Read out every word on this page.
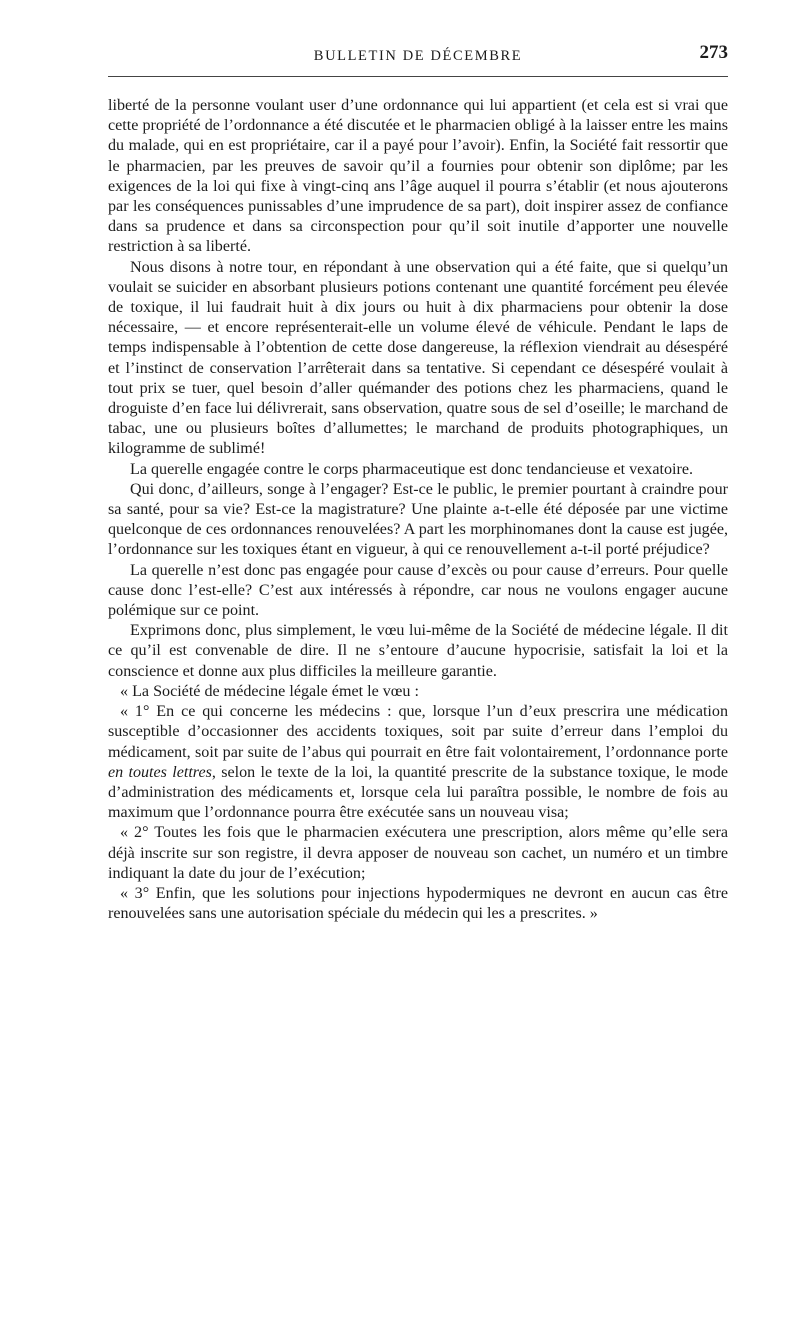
BULLETIN DE DÉCEMBRE	273

liberté de la personne voulant user d’une ordonnance qui lui appartient (et cela est si vrai que cette propriété de l’ordonnance a été discutée et le pharmacien obligé à la laisser entre les mains du malade, qui en est propriétaire, car il a payé pour l’avoir). Enfin, la Société fait ressortir que le pharmacien, par les preuves de savoir qu’il a fournies pour obtenir son diplôme; par les exigences de la loi qui fixe à vingt-cinq ans l’âge auquel il pourra s’établir (et nous ajouterons par les conséquences punissables d’une imprudence de sa part), doit inspirer assez de confiance dans sa prudence et dans sa circonspection pour qu’il soit inutile d’apporter une nouvelle restriction à sa liberté.

Nous disons à notre tour, en répondant à une observation qui a été faite, que si quelqu’un voulait se suicider en absorbant plusieurs potions contenant une quantité forcément peu élevée de toxique, il lui faudrait huit à dix jours ou huit à dix pharmaciens pour obtenir la dose nécessaire, — et encore représenterait-elle un volume élevé de véhicule. Pendant le laps de temps indispensable à l’obtention de cette dose dangereuse, la réflexion viendrait au désespéré et l’instinct de conservation l’arrêterait dans sa tentative. Si cependant ce désespéré voulait à tout prix se tuer, quel besoin d’aller quémander des potions chez les pharmaciens, quand le droguiste d’en face lui délivrerait, sans observation, quatre sous de sel d’oseille; le marchand de tabac, une ou plusieurs boîtes d’allumettes; le marchand de produits photographiques, un kilogramme de sublimé!

La querelle engagée contre le corps pharmaceutique est donc tendancieuse et vexatoire.

Qui donc, d’ailleurs, songe à l’engager? Est-ce le public, le premier pourtant à craindre pour sa santé, pour sa vie? Est-ce la magistrature? Une plainte a-t-elle été déposée par une victime quelconque de ces ordonnances renouvelées? A part les morphinomanes dont la cause est jugée, l’ordonnance sur les toxiques étant en vigueur, à qui ce renouvellement a-t-il porté préjudice?

La querelle n’est donc pas engagée pour cause d’excès ou pour cause d’erreurs. Pour quelle cause donc l’est-elle? C’est aux intéressés à répondre, car nous ne voulons engager aucune polémique sur ce point.

Exprimons donc, plus simplement, le vœu lui-même de la Société de médecine légale. Il dit ce qu’il est convenable de dire. Il ne s’entoure d’aucune hypocrisie, satisfait la loi et la conscience et donne aux plus difficiles la meilleure garantie.

« La Société de médecine légale émet le vœu :

« 1° En ce qui concerne les médecins : que, lorsque l’un d’eux prescrira une médication susceptible d’occasionner des accidents toxiques, soit par suite d’erreur dans l’emploi du médicament, soit par suite de l’abus qui pourrait en être fait volontairement, l’ordonnance porte en toutes lettres, selon le texte de la loi, la quantité prescrite de la substance toxique, le mode d’administration des médicaments et, lorsque cela lui paraîtra possible, le nombre de fois au maximum que l’ordonnance pourra être exécutée sans un nouveau visa;

« 2° Toutes les fois que le pharmacien exécutera une prescription, alors même qu’elle sera déjà inscrite sur son registre, il devra apposer de nouveau son cachet, un numéro et un timbre indiquant la date du jour de l’exécution;

« 3° Enfin, que les solutions pour injections hypodermiques ne devront en aucun cas être renouvelées sans une autorisation spéciale du médecin qui les a prescrites. »
